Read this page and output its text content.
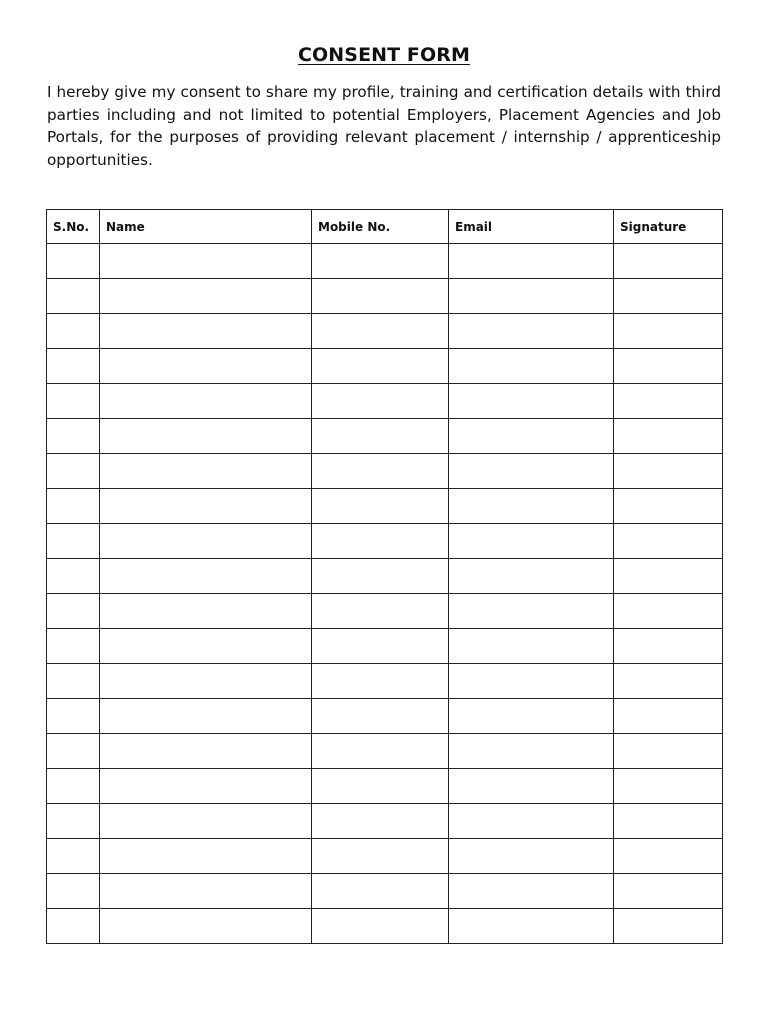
CONSENT FORM

I hereby give my consent to share my profile, training and certification details with third parties including and not limited to potential Employers, Placement Agencies and Job Portals, for the purposes of providing relevant placement / internship / apprenticeship opportunities.

S.No.	Name	Mobile No.	Email	Signature
